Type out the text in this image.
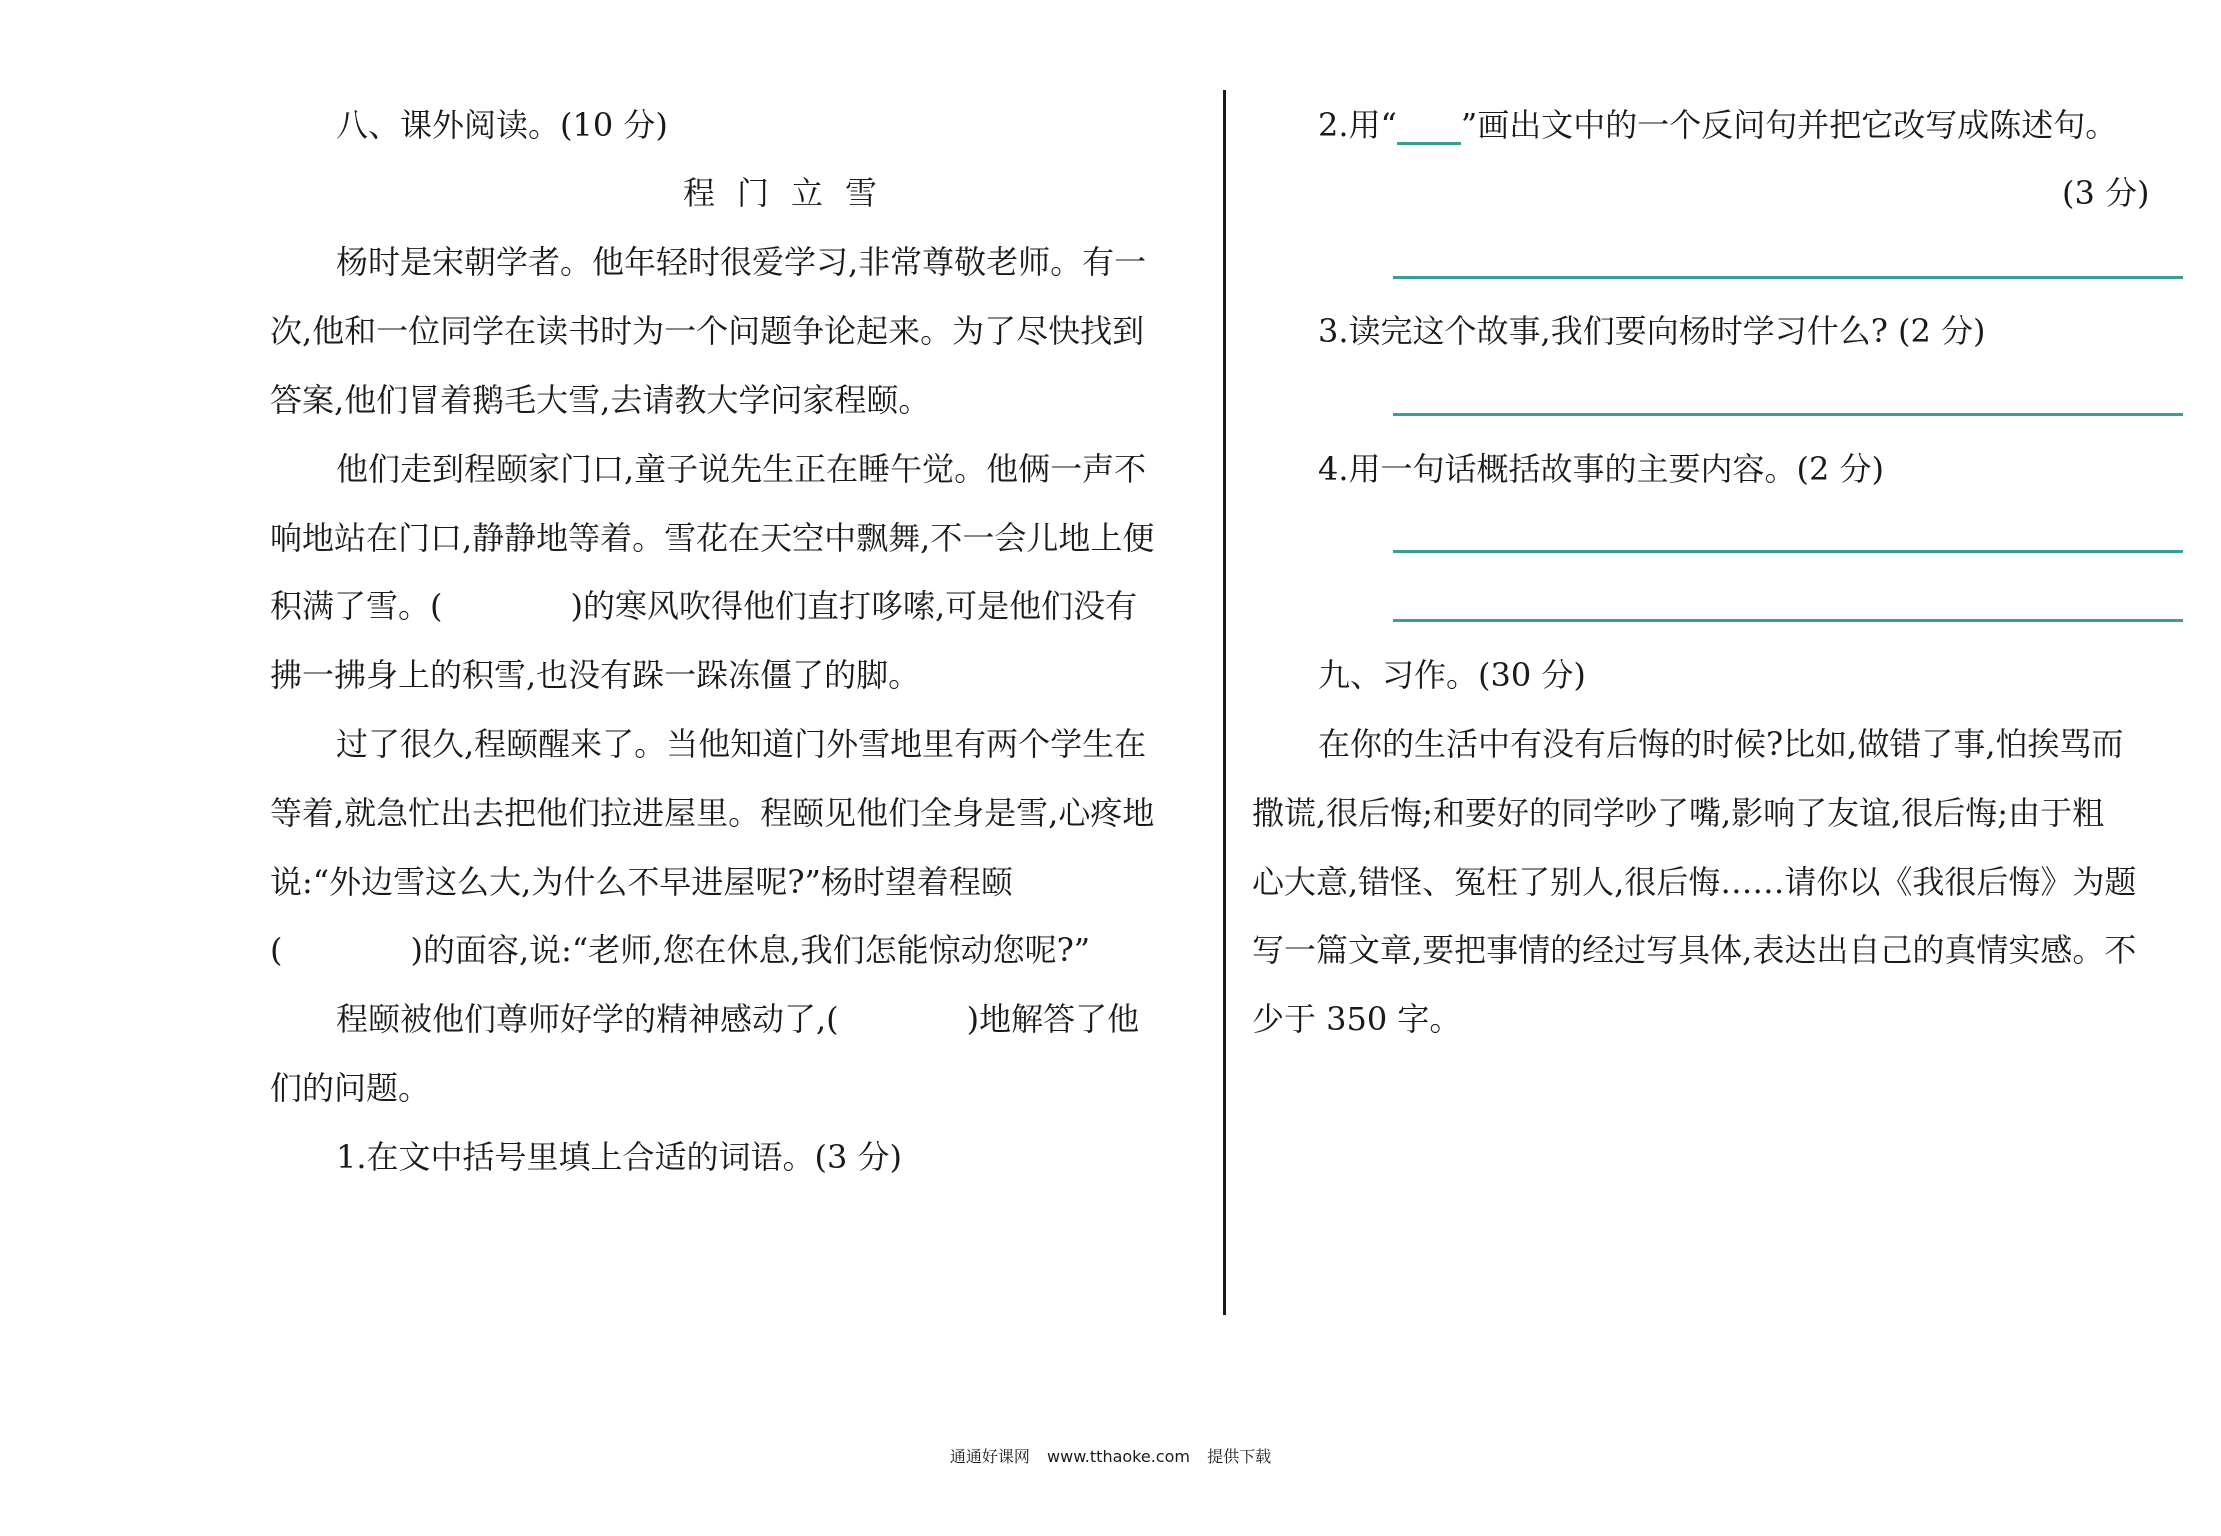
八、课外阅读。(10 分)
程门立雪
杨时是宋朝学者。他年轻时很爱学习,非常尊敬老师。有一
次,他和一位同学在读书时为一个问题争论起来。为了尽快找到
答案,他们冒着鹅毛大雪,去请教大学问家程颐。
他们走到程颐家门口,童子说先生正在睡午觉。他俩一声不
响地站在门口,静静地等着。雪花在天空中飘舞,不一会儿地上便
积满了雪。(　　　　)的寒风吹得他们直打哆嗦,可是他们没有
拂一拂身上的积雪,也没有跺一跺冻僵了的脚。
过了很久,程颐醒来了。当他知道门外雪地里有两个学生在
等着,就急忙出去把他们拉进屋里。程颐见他们全身是雪,心疼地
说:“外边雪这么大,为什么不早进屋呢?”杨时望着程颐
(　　　　)的面容,说:“老师,您在休息,我们怎能惊动您呢?”
程颐被他们尊师好学的精神感动了,(　　　　)地解答了他
们的问题。
1.在文中括号里填上合适的词语。(3 分)
2.用“ ”画出文中的一个反问句并把它改写成陈述句。
(3 分)
3.读完这个故事,我们要向杨时学习什么? (2 分)
4.用一句话概括故事的主要内容。(2 分)
九、习作。(30 分)
在你的生活中有没有后悔的时候?比如,做错了事,怕挨骂而
撒谎,很后悔;和要好的同学吵了嘴,影响了友谊,很后悔;由于粗
心大意,错怪、冤枉了别人,很后悔……请你以《我很后悔》为题
写一篇文章,要把事情的经过写具体,表达出自己的真情实感。不
少于 350 字。
通通好课网 www.tthaoke.com 提供下载
